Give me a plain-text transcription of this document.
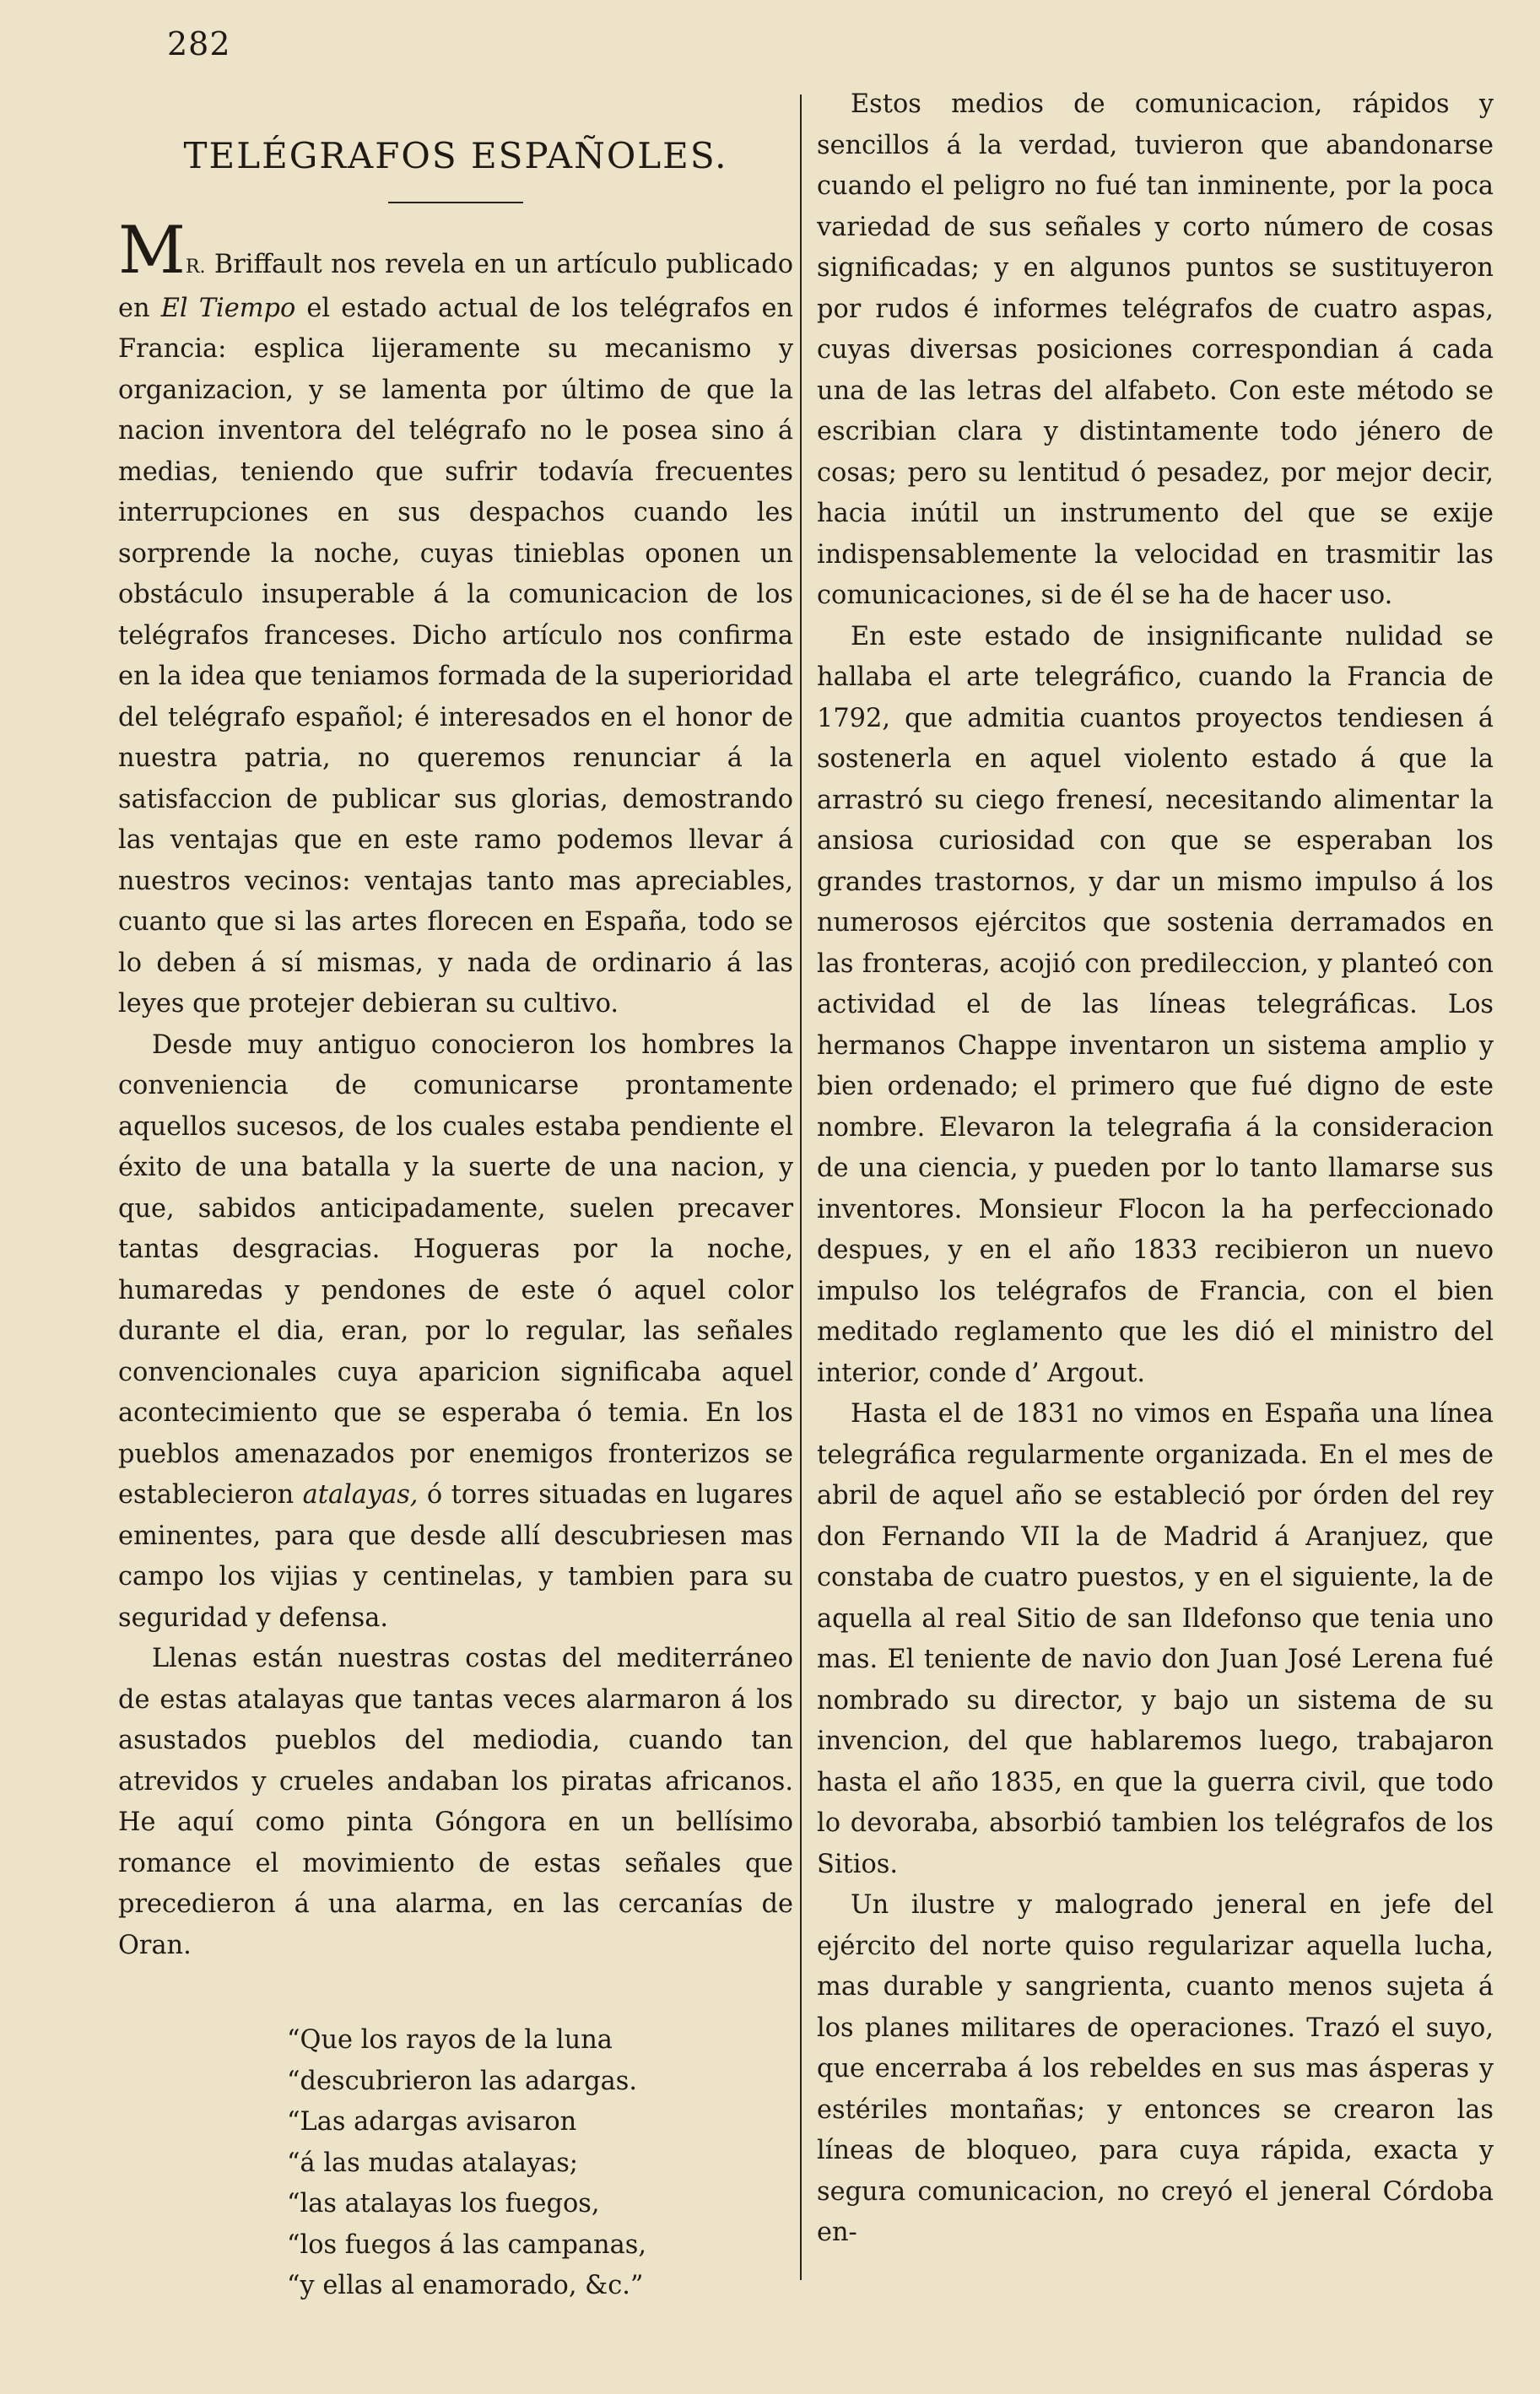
282
TELÉGRAFOS ESPAÑOLES.

MR. Briffault nos revela en un artículo publicado en El Tiempo el estado actual de los telégrafos en Francia: esplica lijeramente su mecanismo y organizacion, y se lamenta por último de que la nacion inventora del telégrafo no le posea sino á medias, teniendo que sufrir todavía frecuentes interrupciones en sus despachos cuando les sorprende la noche, cuyas tinieblas oponen un obstáculo insuperable á la comunicacion de los telégrafos franceses. Dicho artículo nos confirma en la idea que teniamos formada de la superioridad del telégrafo español; é interesados en el honor de nuestra patria, no queremos renunciar á la satisfaccion de publicar sus glorias, demostrando las ventajas que en este ramo podemos llevar á nuestros vecinos: ventajas tanto mas apreciables, cuanto que si las artes florecen en España, todo se lo deben á sí mismas, y nada de ordinario á las leyes que protejer debieran su cultivo.

Desde muy antiguo conocieron los hombres la conveniencia de comunicarse prontamente aquellos sucesos, de los cuales estaba pendiente el éxito de una batalla y la suerte de una nacion, y que, sabidos anticipadamente, suelen precaver tantas desgracias. Hogueras por la noche, humaredas y pendones de este ó aquel color durante el dia, eran, por lo regular, las señales convencionales cuya aparicion significaba aquel acontecimiento que se esperaba ó temia. En los pueblos amenazados por enemigos fronterizos se establecieron atalayas, ó torres situadas en lugares eminentes, para que desde allí descubriesen mas campo los vijias y centinelas, y tambien para su seguridad y defensa.

Llenas están nuestras costas del mediterráneo de estas atalayas que tantas veces alarmaron á los asustados pueblos del mediodia, cuando tan atrevidos y crueles andaban los piratas africanos. He aquí como pinta Góngora en un bellísimo romance el movimiento de estas señales que precedieron á una alarma, en las cercanías de Oran.

“Que los rayos de la luna
“descubrieron las adargas.
“Las adargas avisaron
“á las mudas atalayas;
“las atalayas los fuegos,
“los fuegos á las campanas,
“y ellas al enamorado, &c.”

Estos medios de comunicacion, rápidos y sencillos á la verdad, tuvieron que abandonarse cuando el peligro no fué tan inminente, por la poca variedad de sus señales y corto número de cosas significadas; y en algunos puntos se sustituyeron por rudos é informes telégrafos de cuatro aspas, cuyas diversas posiciones correspondian á cada una de las letras del alfabeto. Con este método se escribian clara y distintamente todo jénero de cosas; pero su lentitud ó pesadez, por mejor decir, hacia inútil un instrumento del que se exije indispensablemente la velocidad en trasmitir las comunicaciones, si de él se ha de hacer uso.

En este estado de insignificante nulidad se hallaba el arte telegráfico, cuando la Francia de 1792, que admitia cuantos proyectos tendiesen á sostenerla en aquel violento estado á que la arrastró su ciego frenesí, necesitando alimentar la ansiosa curiosidad con que se esperaban los grandes trastornos, y dar un mismo impulso á los numerosos ejércitos que sostenia derramados en las fronteras, acojió con predileccion, y planteó con actividad el de las líneas telegráficas. Los hermanos Chappe inventaron un sistema amplio y bien ordenado; el primero que fué digno de este nombre. Elevaron la telegrafia á la consideracion de una ciencia, y pueden por lo tanto llamarse sus inventores. Monsieur Flocon la ha perfeccionado despues, y en el año 1833 recibieron un nuevo impulso los telégrafos de Francia, con el bien meditado reglamento que les dió el ministro del interior, conde d’ Argout.

Hasta el de 1831 no vimos en España una línea telegráfica regularmente organizada. En el mes de abril de aquel año se estableció por órden del rey don Fernando VII la de Madrid á Aranjuez, que constaba de cuatro puestos, y en el siguiente, la de aquella al real Sitio de san Ildefonso que tenia uno mas. El teniente de navio don Juan José Lerena fué nombrado su director, y bajo un sistema de su invencion, del que hablaremos luego, trabajaron hasta el año 1835, en que la guerra civil, que todo lo devoraba, absorbió tambien los telégrafos de los Sitios.

Un ilustre y malogrado jeneral en jefe del ejército del norte quiso regularizar aquella lucha, mas durable y sangrienta, cuanto menos sujeta á los planes militares de operaciones. Trazó el suyo, que encerraba á los rebeldes en sus mas ásperas y estériles montañas; y entonces se crearon las líneas de bloqueo, para cuya rápida, exacta y segura comunicacion, no creyó el jeneral Córdoba en-
